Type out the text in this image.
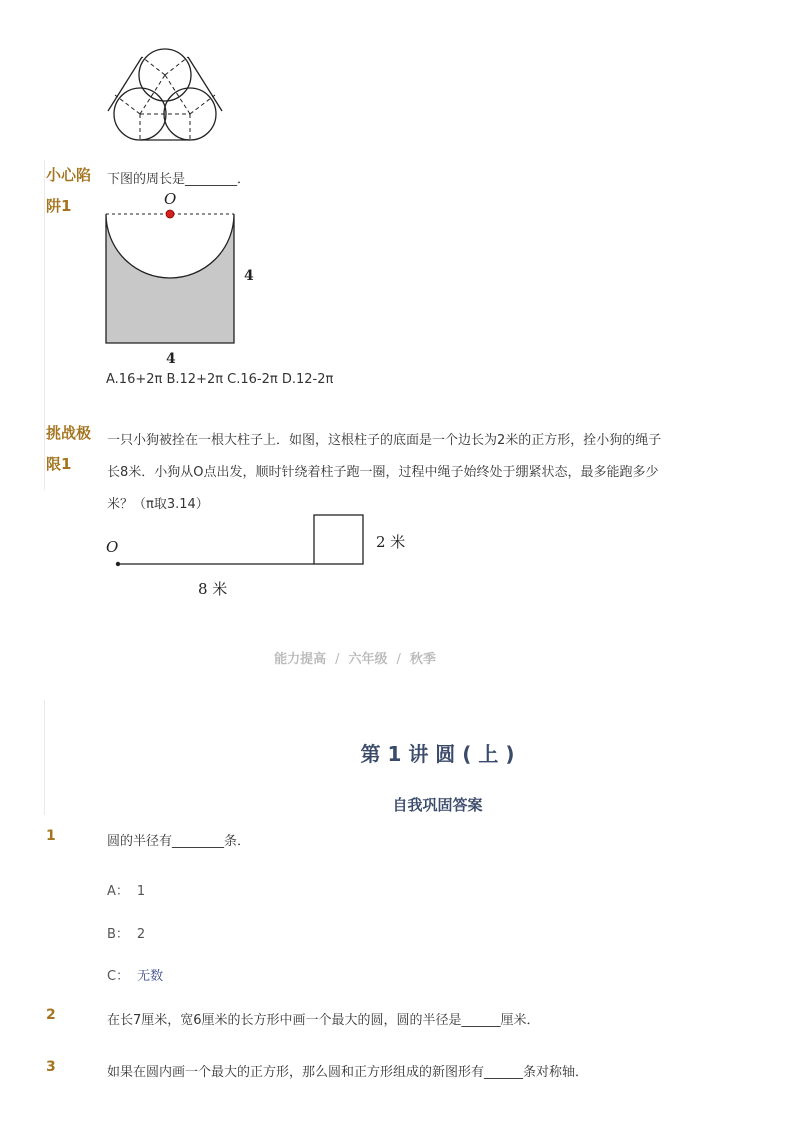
小心陷
阱1
下图的周长是________．
O
4
4
A.16+2π B.12+2π C.16-2π D.12-2π
挑战极
限1
一只小狗被拴在一根大柱子上．如图，这根柱子的底面是一个边长为2米的正方形，拴小狗的绳子
长8米．小狗从O点出发，顺时针绕着柱子跑一圈，过程中绳子始终处于绷紧状态，最多能跑多少
米？（π取3.14）
O
8 米
2 米
能力提高 / 六年级 / 秋季
第 1 讲 圆 ( 上 )
自我巩固答案
1	圆的半径有________条．
A： 1
B： 2
C： 无数
2	在长7厘米，宽6厘米的长方形中画一个最大的圆，圆的半径是______厘米．
3	如果在圆内画一个最大的正方形，那么圆和正方形组成的新图形有______条对称轴．
